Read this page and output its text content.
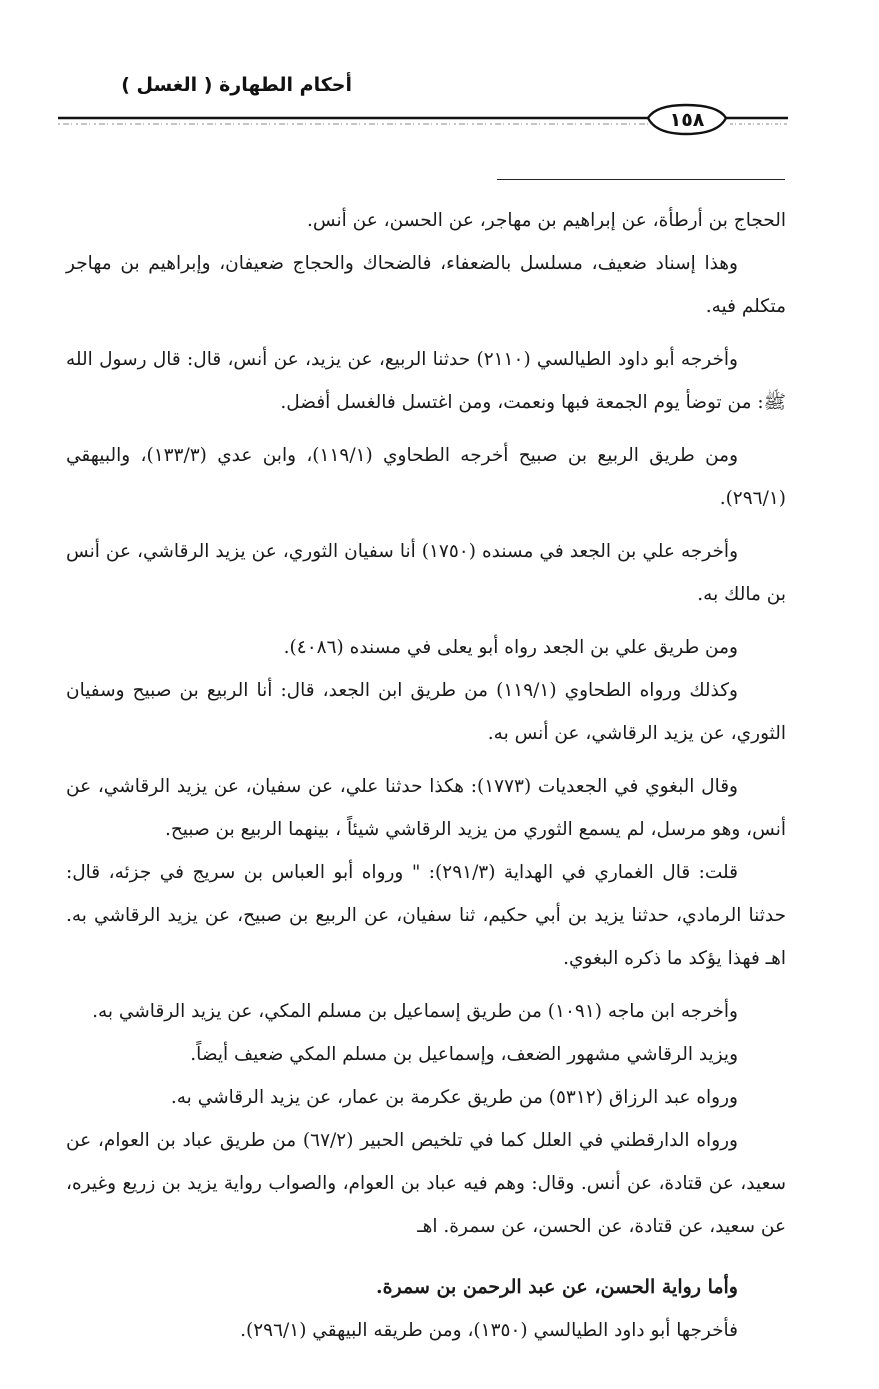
أحكام الطهارة ( الغسل )
١٥٨

الحجاج بن أرطأة، عن إبراهيم بن مهاجر، عن الحسن، عن أنس.

وهذا إسناد ضعيف، مسلسل بالضعفاء، فالضحاك والحجاج ضعيفان، وإبراهيم بن مهاجر متكلم فيه.

وأخرجه أبو داود الطيالسي (٢١١٠) حدثنا الربيع، عن يزيد، عن أنس، قال: قال رسول الله ﷺ: من توضأ يوم الجمعة فبها ونعمت، ومن اغتسل فالغسل أفضل.

ومن طريق الربيع بن صبيح أخرجه الطحاوي (١١٩/١)، وابن عدي (١٣٣/٣)، والبيهقي (٢٩٦/١).

وأخرجه علي بن الجعد في مسنده (١٧٥٠) أنا سفيان الثوري، عن يزيد الرقاشي، عن أنس بن مالك به.

ومن طريق علي بن الجعد رواه أبو يعلى في مسنده (٤٠٨٦).

وكذلك ورواه الطحاوي (١١٩/١) من طريق ابن الجعد، قال: أنا الربيع بن صبيح وسفيان الثوري، عن يزيد الرقاشي، عن أنس به.

وقال البغوي في الجعديات (١٧٧٣): هكذا حدثنا علي، عن سفيان، عن يزيد الرقاشي، عن أنس، وهو مرسل، لم يسمع الثوري من يزيد الرقاشي شيئاً ، بينهما الربيع بن صبيح.

قلت: قال الغماري في الهداية (٢٩١/٣): " ورواه أبو العباس بن سريج في جزئه، قال: حدثنا الرمادي، حدثنا يزيد بن أبي حكيم، ثنا سفيان، عن الربيع بن صبيح، عن يزيد الرقاشي به. اهـ فهذا يؤكد ما ذكره البغوي.

وأخرجه ابن ماجه (١٠٩١) من طريق إسماعيل بن مسلم المكي، عن يزيد الرقاشي به.

ويزيد الرقاشي مشهور الضعف، وإسماعيل بن مسلم المكي ضعيف أيضاً.

ورواه عبد الرزاق (٥٣١٢) من طريق عكرمة بن عمار، عن يزيد الرقاشي به.

ورواه الدارقطني في العلل كما في تلخيص الحبير (٦٧/٢) من طريق عباد بن العوام، عن سعيد، عن قتادة، عن أنس. وقال: وهم فيه عباد بن العوام، والصواب رواية يزيد بن زريع وغيره، عن سعيد، عن قتادة، عن الحسن، عن سمرة. اهـ

وأما رواية الحسن، عن عبد الرحمن بن سمرة.

فأخرجها أبو داود الطيالسي (١٣٥٠)، ومن طريقه البيهقي (٢٩٦/١).
